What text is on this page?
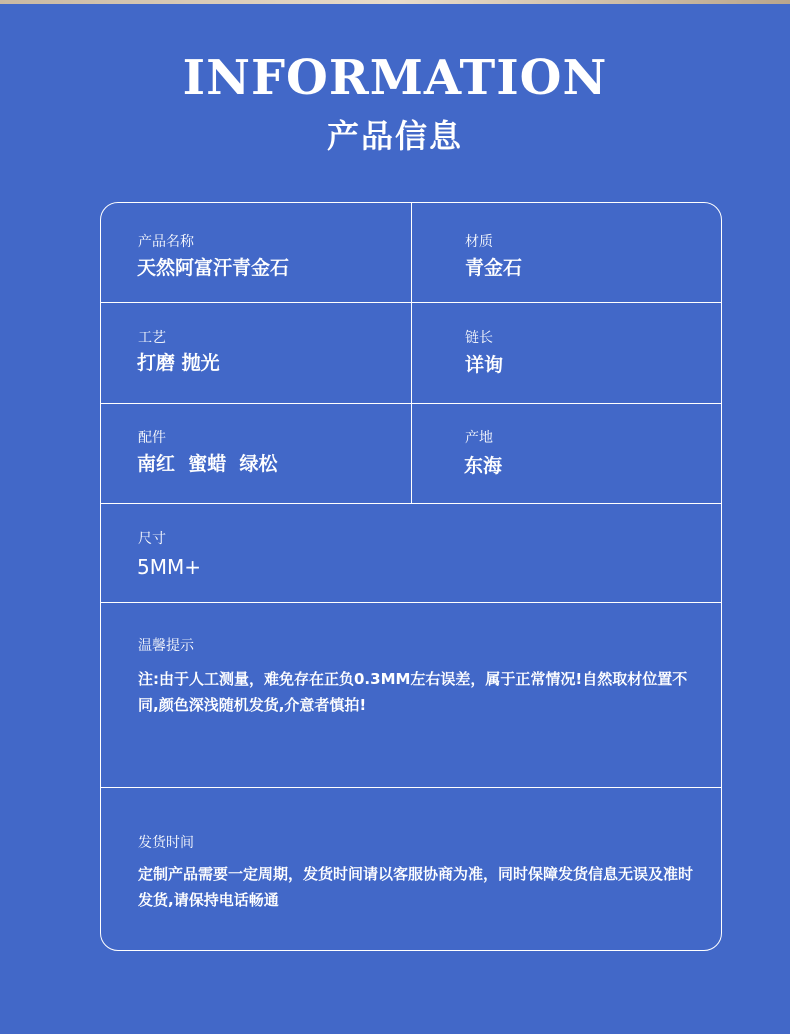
INFORMATION
产品信息
产品名称
天然阿富汗青金石
材质
青金石
工艺
打磨 抛光
链长
详询
配件
南红  蜜蜡  绿松
产地
东海
尺寸
5MM+
温馨提示
注:由于人工测量，难免存在正负0.3MM左右误差，属于正常情况!自然取材位置不同,颜色深浅随机发货,介意者慎拍!
发货时间
定制产品需要一定周期，发货时间请以客服协商为准，同时保障发货信息无误及准时发货,请保持电话畅通
